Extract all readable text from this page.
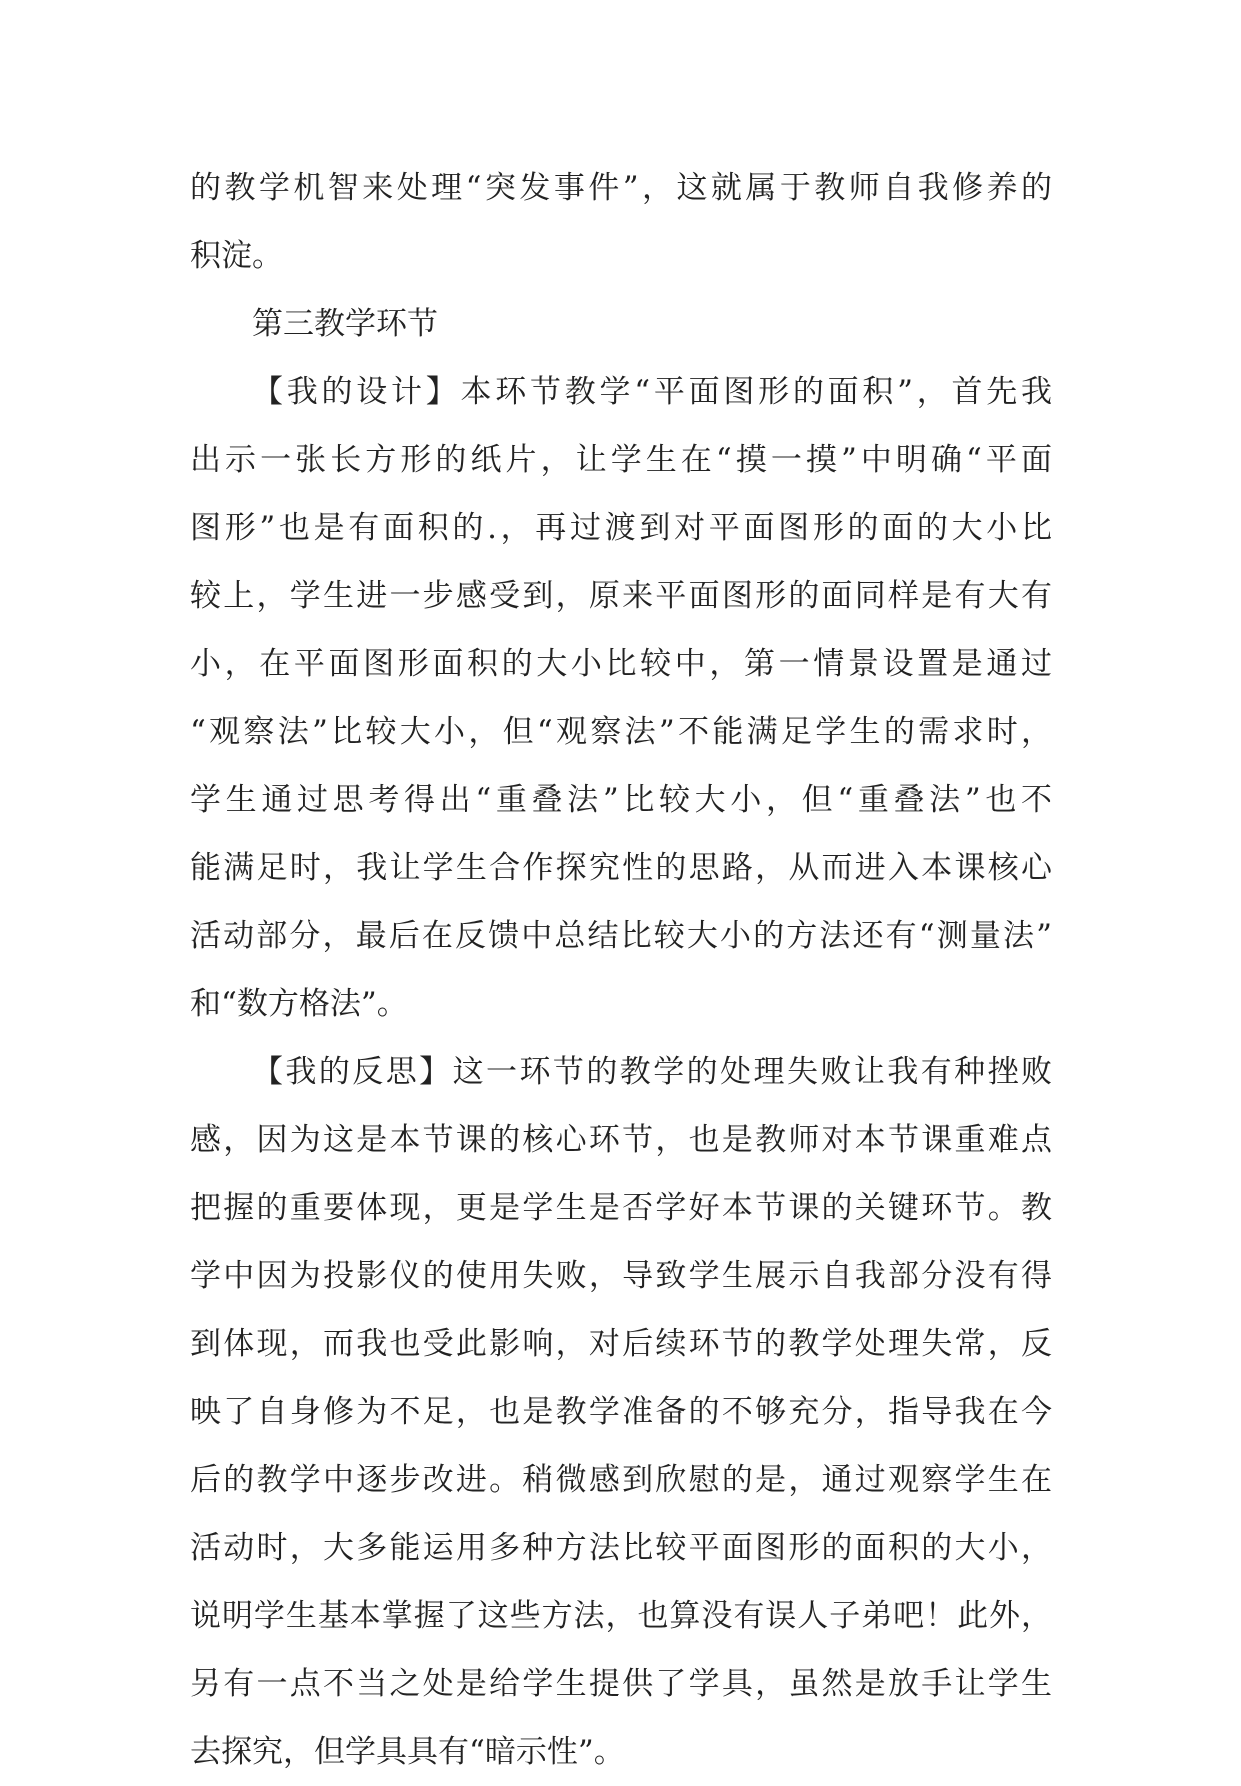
的教学机智来处理“突发事件”，这就属于教师自我修养的
积淀。
第三教学环节
【我的设计】本环节教学“平面图形的面积”，首先我
出示一张长方形的纸片，让学生在“摸一摸”中明确“平面
图形”也是有面积的.，再过渡到对平面图形的面的大小比
较上，学生进一步感受到，原来平面图形的面同样是有大有
小，在平面图形面积的大小比较中，第一情景设置是通过
“观察法”比较大小，但“观察法”不能满足学生的需求时，
学生通过思考得出“重叠法”比较大小，但“重叠法”也不
能满足时，我让学生合作探究性的思路，从而进入本课核心
活动部分，最后在反馈中总结比较大小的方法还有“测量法”
和“数方格法”。
【我的反思】这一环节的教学的处理失败让我有种挫败
感，因为这是本节课的核心环节，也是教师对本节课重难点
把握的重要体现，更是学生是否学好本节课的关键环节。教
学中因为投影仪的使用失败，导致学生展示自我部分没有得
到体现，而我也受此影响，对后续环节的教学处理失常，反
映了自身修为不足，也是教学准备的不够充分，指导我在今
后的教学中逐步改进。稍微感到欣慰的是，通过观察学生在
活动时，大多能运用多种方法比较平面图形的面积的大小，
说明学生基本掌握了这些方法，也算没有误人子弟吧！此外，
另有一点不当之处是给学生提供了学具，虽然是放手让学生
去探究，但学具具有“暗示性”。
